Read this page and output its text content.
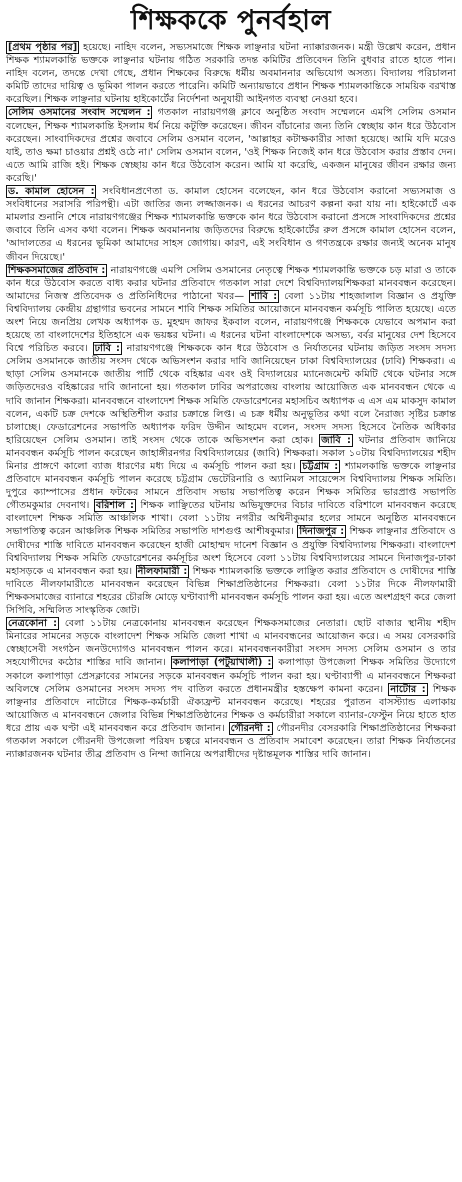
শিক্ষককে পুনর্বহাল

[প্রথম পৃষ্ঠার পর] হয়েছে। নাহিদ বলেন, সভ্যসমাজে শিক্ষক লাঞ্ছনার ঘটনা ন্যাক্কারজনক। মন্ত্রী উল্লেখ করেন, প্রধান শিক্ষক শ্যামলকান্তি ভক্তকে লাঞ্ছনার ঘটনায় গঠিত সরকারি তদন্ত কমিটির প্রতিবেদন তিনি বুধবার রাতে হাতে পান। নাহিদ বলেন, তদন্তে দেখা গেছে, প্রধান শিক্ষকের বিরুদ্ধে ধর্মীয় অবমাননার অভিযোগ অসত্য। বিদ্যালয় পরিচালনা কমিটি তাদের দায়িত্ব ও ভূমিকা পালন করতে পারেনি। কমিটি অন্যায়ভাবে প্রধান শিক্ষক শ্যামলকান্তিকে সাময়িক বরখাস্ত করেছিল। শিক্ষক লাঞ্ছনার ঘটনায় হাইকোর্টের নির্দেশনা অনুযায়ী আইনগত ব্যবস্থা নেওয়া হবে।

সেলিম ওসমানের সংবাদ সম্মেলন : গতকাল নারায়ণগঞ্জ ক্লাবে অনুষ্ঠিত সংবাদ সম্মেলনে এমপি সেলিম ওসমান বলেছেন, শিক্ষক শ্যামলকান্তি ইসলাম ধর্ম নিয়ে কটূক্তি করেছেন। জীবন বাঁচানোর জন্য তিনি স্বেচ্ছায় কান ধরে উঠবোস করেছেন। সাংবাদিকদের প্রশ্নের জবাবে সেলিম ওসমান বলেন, 'আল্লাহর কটাক্ষকারীর সাজা হয়েছে। আমি যদি মরেও যাই, তাও ক্ষমা চাওয়ার প্রশ্নই ওঠে না।' সেলিম ওসমান বলেন, 'ওই শিক্ষক নিজেই কান ধরে উঠবোস করার প্রস্তাব দেন। এতে আমি রাজি হই। শিক্ষক স্বেচ্ছায় কান ধরে উঠবোস করেন। আমি যা করেছি, একজন মানুষের জীবন রক্ষার জন্য করেছি।'

ড. কামাল হোসেন : সংবিধানপ্রণেতা ড. কামাল হোসেন বলেছেন, কান ধরে উঠবোস করানো সভ্যসমাজ ও সংবিধানের সরাসরি পরিপন্থী। এটা জাতির জন্য লজ্জাজনক। এ ধরনের আচরণ কল্পনা করা যায় না। হাইকোর্টে এক মামলার শুনানি শেষে নারায়ণগঞ্জের শিক্ষক শ্যামলকান্তি ভক্তকে কান ধরে উঠবোস করানো প্রসঙ্গে সাংবাদিকদের প্রশ্নের জবাবে তিনি এসব কথা বলেন। শিক্ষক অবমাননায় জড়িতদের বিরুদ্ধে হাইকোর্টের রুল প্রসঙ্গে কামাল হোসেন বলেন, 'আদালতের এ ধরনের ভূমিকা আমাদের সাহস জোগায়। কারণ, এই সংবিধান ও গণতন্ত্রকে রক্ষার জন্যই অনেক মানুষ জীবন দিয়েছে।'

শিক্ষকসমাজের প্রতিবাদ : নারায়ণগঞ্জে এমপি সেলিম ওসমানের নেতৃত্বে শিক্ষক শ্যামলকান্তি ভক্তকে চড় মারা ও তাকে কান ধরে উঠবোস করতে বাধ্য করার ঘটনার প্রতিবাদে গতকাল সারা দেশে বিশ্ববিদ্যালয়শিক্ষকরা মানববন্ধন করেছেন। আমাদের নিজস্ব প্রতিবেদক ও প্রতিনিধিদের পাঠানো খবর— শাবি : বেলা ১১টায় শাহজালাল বিজ্ঞান ও প্রযুক্তি বিশ্ববিদ্যালয় কেন্দ্রীয় গ্রন্থাগার ভবনের সামনে শাবি শিক্ষক সমিতির আয়োজনে মানববন্ধন কর্মসূচি পালিত হয়েছে। এতে অংশ নিয়ে জনপ্রিয় লেখক অধ্যাপক ড. মুহম্মদ জাফর ইকবাল বলেন, নারায়ণগঞ্জে শিক্ষককে যেভাবে অপমান করা হয়েছে তা বাংলাদেশের ইতিহাসে এক ভয়ঙ্কর ঘটনা। এ ধরনের ঘটনা বাংলাদেশকে অসভ্য, বর্বর মানুষের দেশ হিসেবে বিশ্বে পরিচিত করবে। ঢাবি : নারায়ণগঞ্জে শিক্ষককে কান ধরে উঠবোস ও নির্যাতনের ঘটনায় জড়িত সংসদ সদস্য সেলিম ওসমানকে জাতীয় সংসদ থেকে অভিসংশন করার দাবি জানিয়েছেন ঢাকা বিশ্ববিদ্যালয়ের (ঢাবি) শিক্ষকরা। এ ছাড়া সেলিম ওসমানকে জাতীয় পার্টি থেকে বহিষ্কার এবং ওই বিদ্যালয়ের ম্যানেজমেন্ট কমিটি থেকে ঘটনার সঙ্গে জড়িতদেরও বহিষ্কারের দাবি জানানো হয়। গতকাল ঢাবির অপরাজেয় বাংলায় আয়োজিত এক মানববন্ধন থেকে এ দাবি জানান শিক্ষকরা। মানববন্ধনে বাংলাদেশ শিক্ষক সমিতি ফেডারেশনের মহাসচিব অধ্যাপক এ এস এম মাকসুদ কামাল বলেন, একটি চক্র দেশকে অস্থিতিশীল করার চক্রান্তে লিপ্ত। এ চক্র ধর্মীয় অনুভূতির কথা বলে নৈরাজ্য সৃষ্টির চক্রান্ত চালাচ্ছে। ফেডারেশনের সভাপতি অধ্যাপক ফরিদ উদ্দীন আহমেদ বলেন, সংসদ সদস্য হিসেবে নৈতিক অধিকার হারিয়েছেন সেলিম ওসমান। তাই সংসদ থেকে তাকে অভিসংশন করা হোক। জাবি : ঘটনার প্রতিবাদ জানিয়ে মানববন্ধন কর্মসূচি পালন করেছেন জাহাঙ্গীরনগর বিশ্ববিদ্যালয়ের (জাবি) শিক্ষকরা। সকাল ১০টায় বিশ্ববিদ্যালয়ের শহীদ মিনার প্রাঙ্গণে কালো ব্যাজ ধারণের মধ্য দিয়ে এ কর্মসূচি পালন করা হয়। চট্টগ্রাম : শ্যামলকান্তি ভক্তকে লাঞ্ছনার প্রতিবাদে মানববন্ধন কর্মসূচি পালন করেছে চট্টগ্রাম ভেটেরিনারি ও অ্যানিমল সায়েন্সেস বিশ্ববিদ্যালয় শিক্ষক সমিতি। দুপুরে ক্যাম্পাসের প্রধান ফটকের সামনে প্রতিবাদ সভায় সভাপতিত্ব করেন শিক্ষক সমিতির ভারপ্রাপ্ত সভাপতি গৌতমকুমার দেবনাথ। বরিশাল : শিক্ষক লাঞ্ছিতের ঘটনায় অভিযুক্তদের বিচার দাবিতে বরিশালে মানববন্ধন করেছে বাংলাদেশ শিক্ষক সমিতি আঞ্চলিক শাখা। বেলা ১১টায় নগরীর অশ্বিনীকুমার হলের সামনে অনুষ্ঠিত মানববন্ধনে সভাপতিত্ব করেন আঞ্চলিক শিক্ষক সমিতির সভাপতি দাশগুপ্ত আশীষকুমার। দিনাজপুর : শিক্ষক লাঞ্ছনার প্রতিবাদে ও দোষীদের শাস্তি দাবিতে মানববন্ধন করেছেন হাজী মোহাম্মদ দানেশ বিজ্ঞান ও প্রযুক্তি বিশ্ববিদ্যালয় শিক্ষকরা। বাংলাদেশ বিশ্ববিদ্যালয় শিক্ষক সমিতি ফেডারেশনের কর্মসূচির অংশ হিসেবে বেলা ১১টায় বিশ্ববিদ্যালয়ের সামনে দিনাজপুর-ঢাকা মহাসড়কে এ মানববন্ধন করা হয়। নীলফামারী : শিক্ষক শ্যামলকান্তি ভক্তকে লাঞ্ছিত করার প্রতিবাদে ও দোষীদের শাস্তি দাবিতে নীলফামারীতে মানববন্ধন করেছেন বিভিন্ন শিক্ষাপ্রতিষ্ঠানের শিক্ষকরা। বেলা ১১টার দিকে নীলফামারী শিক্ষকসমাজের ব্যানারে শহরের চৌরঙ্গি মোড়ে ঘণ্টাব্যাপী মানববন্ধন কর্মসূচি পালন করা হয়। এতে অংশগ্রহণ করে জেলা সিপিবি, সম্মিলিত সাংস্কৃতিক জোট।

নেত্রকোনা : বেলা ১১টায় নেত্রকোনায় মানববন্ধন করেছেন শিক্ষকসমাজের নেতারা। ছোট বাজার স্থানীয় শহীদ মিনারের সামনের সড়কে বাংলাদেশ শিক্ষক সমিতি জেলা শাখা এ মানববন্ধনের আয়োজন করে। এ সময় বেসরকারি স্বেচ্ছাসেবী সংগঠন জনউদ্যোগও মানববন্ধন পালন করে। মানববন্ধনকারীরা সংসদ সদস্য সেলিম ওসমান ও তার সহযোগীদের কঠোর শাস্তির দাবি জানান। কলাপাড়া (পটুয়াখালী) : কলাপাড়া উপজেলা শিক্ষক সমিতির উদ্যোগে সকালে কলাপাড়া প্রেসক্লাবের সামনের সড়কে মানববন্ধন কর্মসূচি পালন করা হয়। ঘণ্টাব্যাপী এ মানববন্ধনে শিক্ষকরা অবিলম্বে সেলিম ওসমানের সংসদ সদস্য পদ বাতিল করতে প্রধানমন্ত্রীর হস্তক্ষেপ কামনা করেন। নাটোর : শিক্ষক লাঞ্ছনার প্রতিবাদে নাটোরে শিক্ষক-কর্মচারী ঐক্যফ্রন্ট মানববন্ধন করেছে। শহরের পুরাতন বাসস্ট্যান্ড এলাকায় আয়োজিত এ মানববন্ধনে জেলার বিভিন্ন শিক্ষাপ্রতিষ্ঠানের শিক্ষক ও কর্মচারীরা সকালে ব্যানার-ফেস্টুন নিয়ে হাতে হাত ধরে প্রায় এক ঘণ্টা এই মানববন্ধন করে প্রতিবাদ জানান। গৌরনদী : গৌরনদীর বেসরকারি শিক্ষাপ্রতিষ্ঠানের শিক্ষকরা গতকাল সকালে গৌরনদী উপজেলা পরিষদ চত্বরে মানববন্ধন ও প্রতিবাদ সমাবেশ করেছেন। তারা শিক্ষক নির্যাতনের ন্যাক্কারজনক ঘটনার তীব্র প্রতিবাদ ও নিন্দা জানিয়ে অপরাধীদের দৃষ্টান্তমূলক শাস্তির দাবি জানান।
